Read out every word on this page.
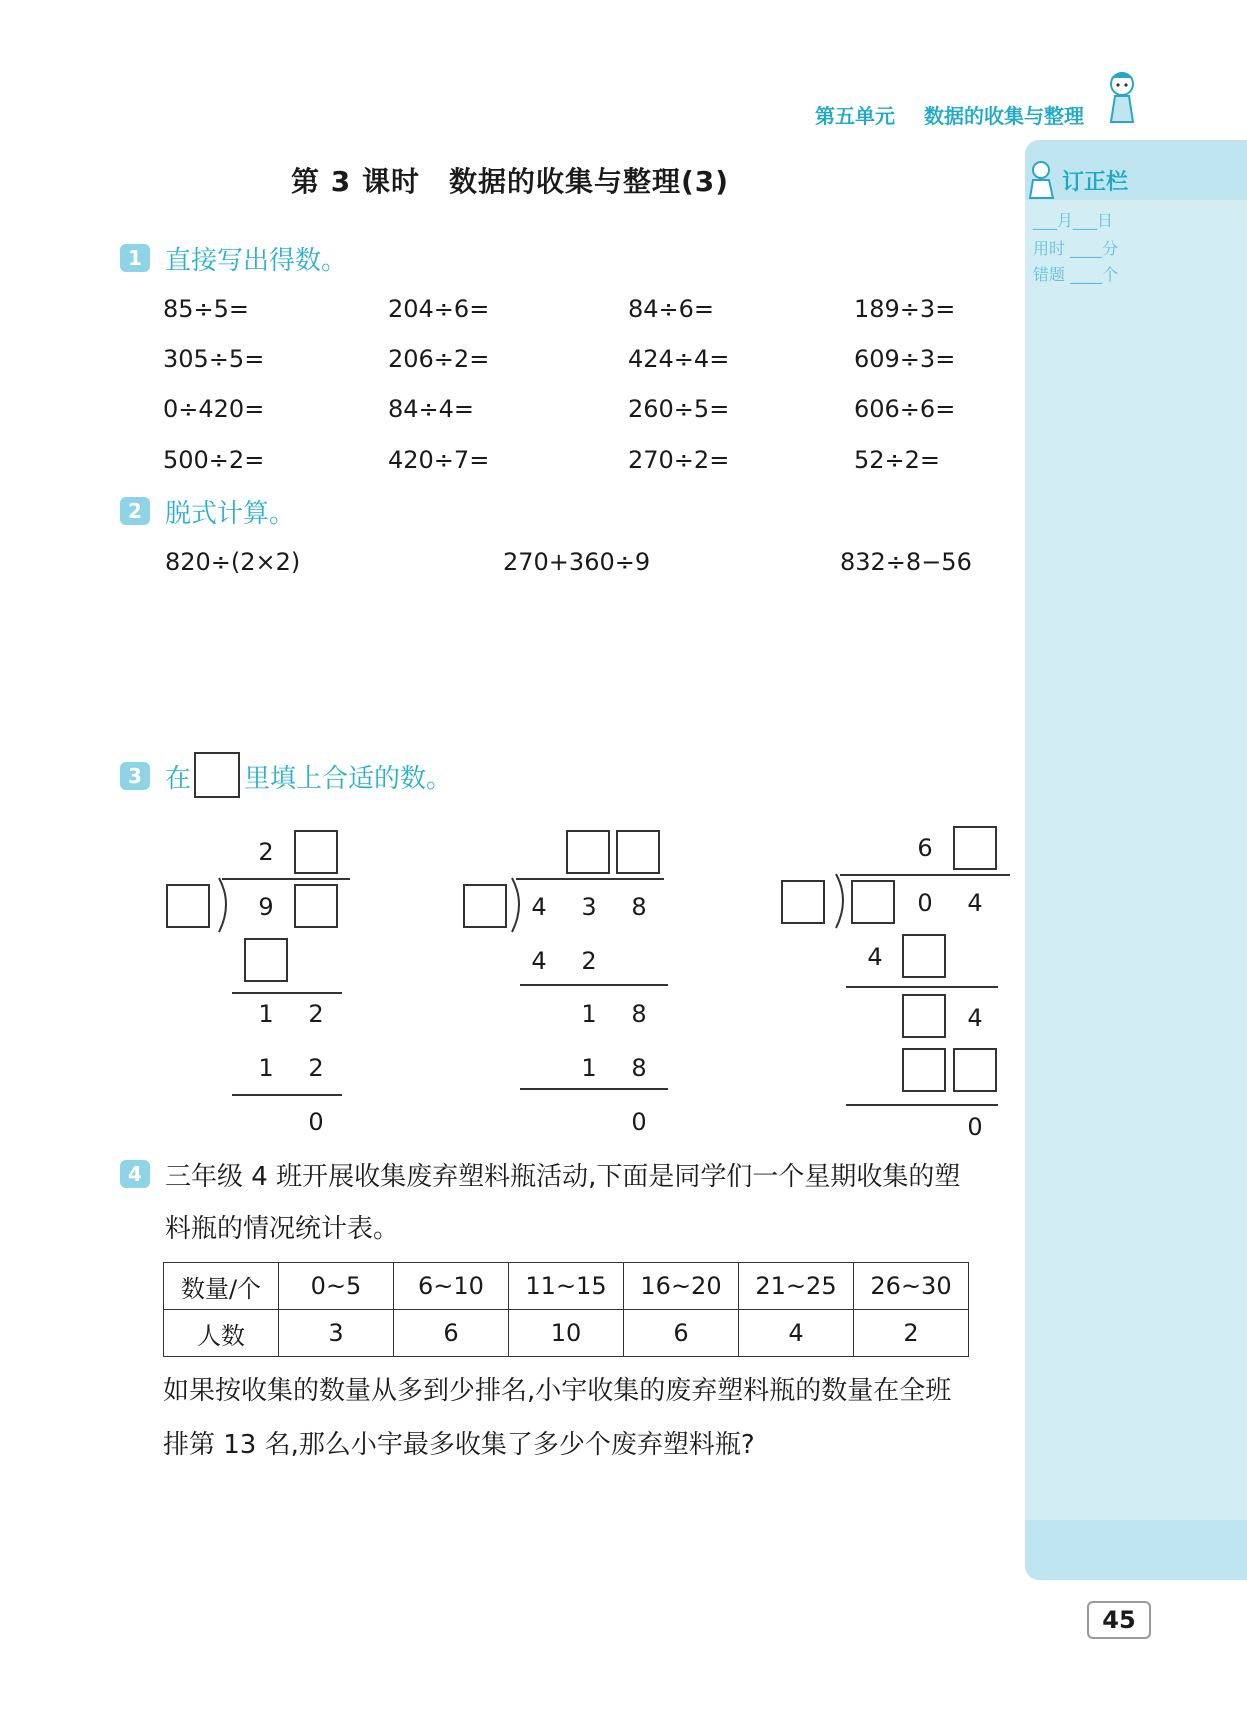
第五单元 数据的收集与整理
第 3 课时　数据的收集与整理(3)	订正栏
___月___日
用时 ____分
错题 ____个
1 直接写出得数。
85÷5=	204÷6=	84÷6=	189÷3=
305÷5=	206÷2=	424÷4=	609÷3=
0÷420=	84÷4=	260÷5=	606÷6=
500÷2=	420÷7=	270÷2=	52÷2=
2 脱式计算。
820÷(2×2)	270+360÷9	832÷8−56
3 在 里填上合适的数。
2
9
1	2
1	2
0
4	3	8
4	2
1	8
1	8
0
6
0	4
4
4
0
4 三年级 4 班开展收集废弃塑料瓶活动,下面是同学们一个星期收集的塑
料瓶的情况统计表。
数量/个	0~5	6~10	11~15	16~20	21~25	26~30
人数	3	6	10	6	4	2
如果按收集的数量从多到少排名,小宇收集的废弃塑料瓶的数量在全班
排第 13 名,那么小宇最多收集了多少个废弃塑料瓶?
45
